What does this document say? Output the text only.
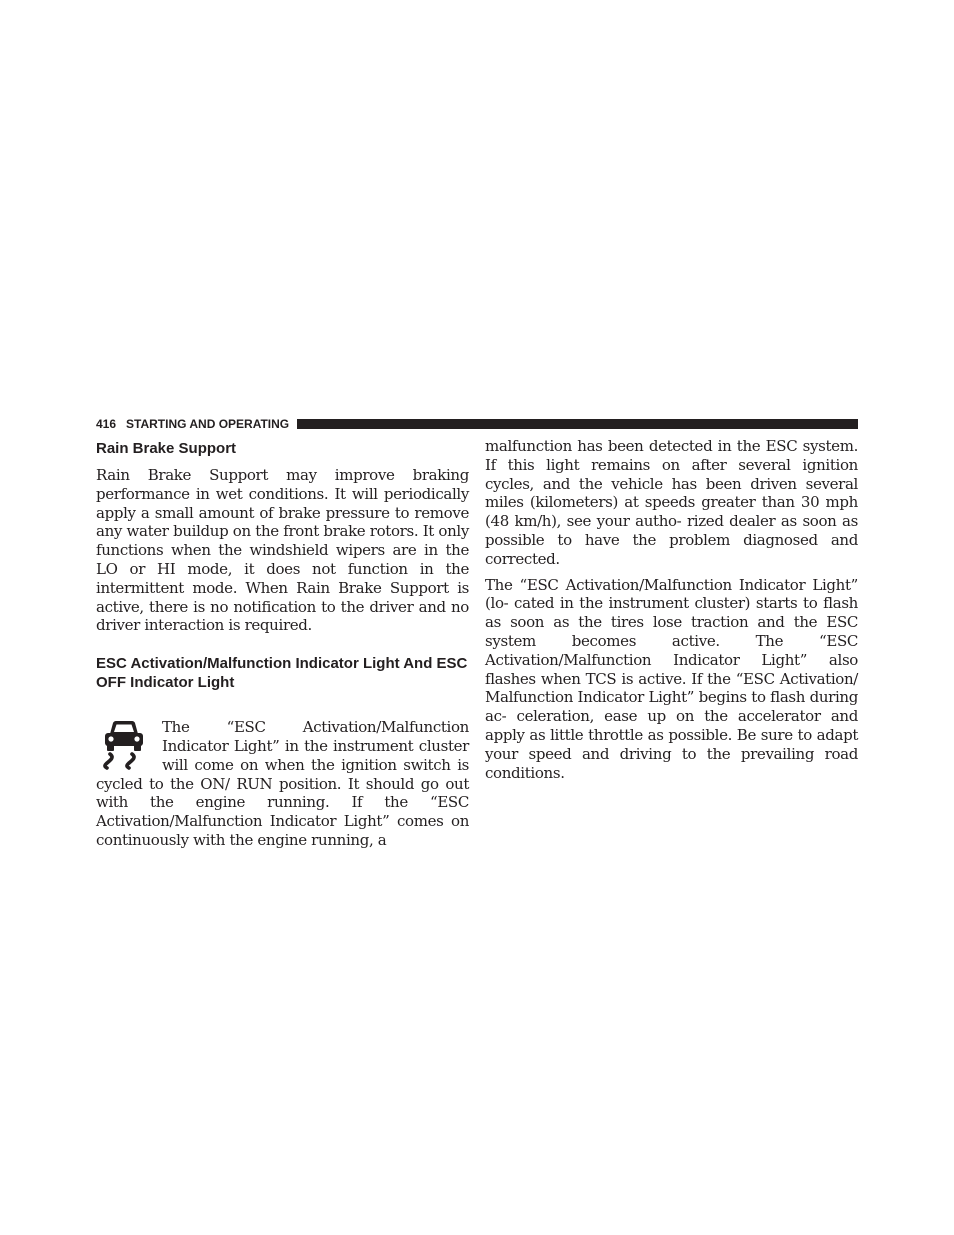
416 STARTING AND OPERATING
Rain Brake Support

Rain Brake Support may improve braking performance in wet conditions. It will periodically apply a small amount of brake pressure to remove any water buildup on the front brake rotors. It only functions when the windshield wipers are in the LO or HI mode, it does not function in the intermittent mode. When Rain Brake Support is active, there is no notification to the driver and no driver interaction is required.

ESC Activation/Malfunction Indicator Light And ESC OFF Indicator Light

The “ESC Activation/Malfunction Indicator Light” in the instrument cluster will come on when the ignition switch is cycled to the ON/ RUN position. It should go out with the engine running. If the “ESC Activation/Malfunction Indicator Light” comes on continuously with the engine running, a

malfunction has been detected in the ESC system. If this light remains on after several ignition cycles, and the vehicle has been driven several miles (kilometers) at speeds greater than 30 mph (48 km/h), see your autho- rized dealer as soon as possible to have the problem diagnosed and corrected.

The “ESC Activation/Malfunction Indicator Light” (lo- cated in the instrument cluster) starts to flash as soon as the tires lose traction and the ESC system becomes active. The “ESC Activation/Malfunction Indicator Light” also flashes when TCS is active. If the “ESC Activation/ Malfunction Indicator Light” begins to flash during ac- celeration, ease up on the accelerator and apply as little throttle as possible. Be sure to adapt your speed and driving to the prevailing road conditions.
